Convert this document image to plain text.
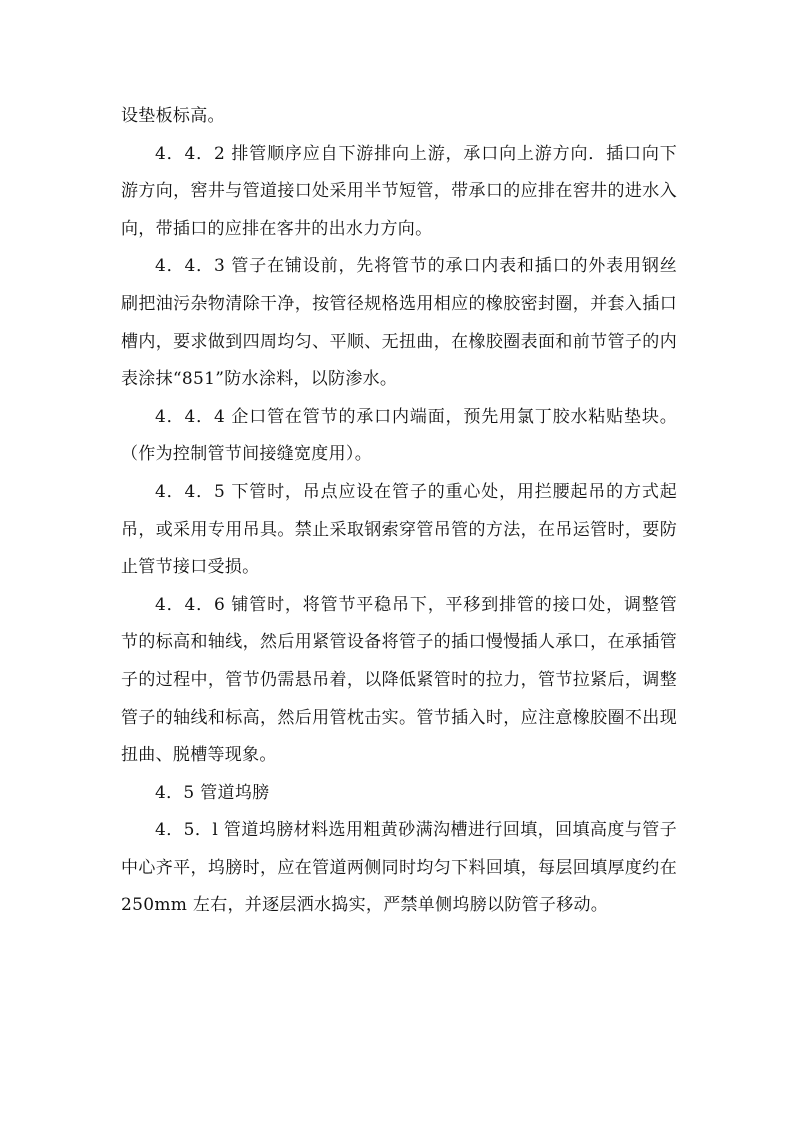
设垫板标高。

4．4．2 排管顺序应自下游排向上游，承口向上游方向．插口向下游方向，窖井与管道接口处采用半节短管，带承口的应排在窖井的进水入向，带插口的应排在客井的出水力方向。

4．4．3 管子在铺设前，先将管节的承口内表和插口的外表用钢丝刷把油污杂物清除干净，按管径规格选用相应的橡胶密封圈，并套入插口槽内，要求做到四周均匀、平顺、无扭曲，在橡胶圈表面和前节管子的内表涂抹“851”防水涂料，以防渗水。

4．4．4 企口管在管节的承口内端面，预先用氯丁胶水粘贴垫块。（作为控制管节间接缝宽度用）。

4．4．5 下管时，吊点应设在管子的重心处，用拦腰起吊的方式起吊，或采用专用吊具。禁止采取钢索穿管吊管的方法，在吊运管时，要防止管节接口受损。

4．4．6 铺管时，将管节平稳吊下，平移到排管的接口处，调整管节的标高和轴线，然后用紧管设备将管子的插口慢慢插人承口，在承插管子的过程中，管节仍需悬吊着，以降低紧管时的拉力，管节拉紧后，调整管子的轴线和标高，然后用管枕击实。管节插入时，应注意橡胶圈不出现扭曲、脱槽等现象。

4．5 管道坞膀

4．5．l 管道坞膀材料选用粗黄砂满沟槽进行回填，回填高度与管子中心齐平，坞膀时，应在管道两侧同时均匀下料回填，每层回填厚度约在 250mm 左右，并逐层洒水捣实，严禁单侧坞膀以防管子移动。
